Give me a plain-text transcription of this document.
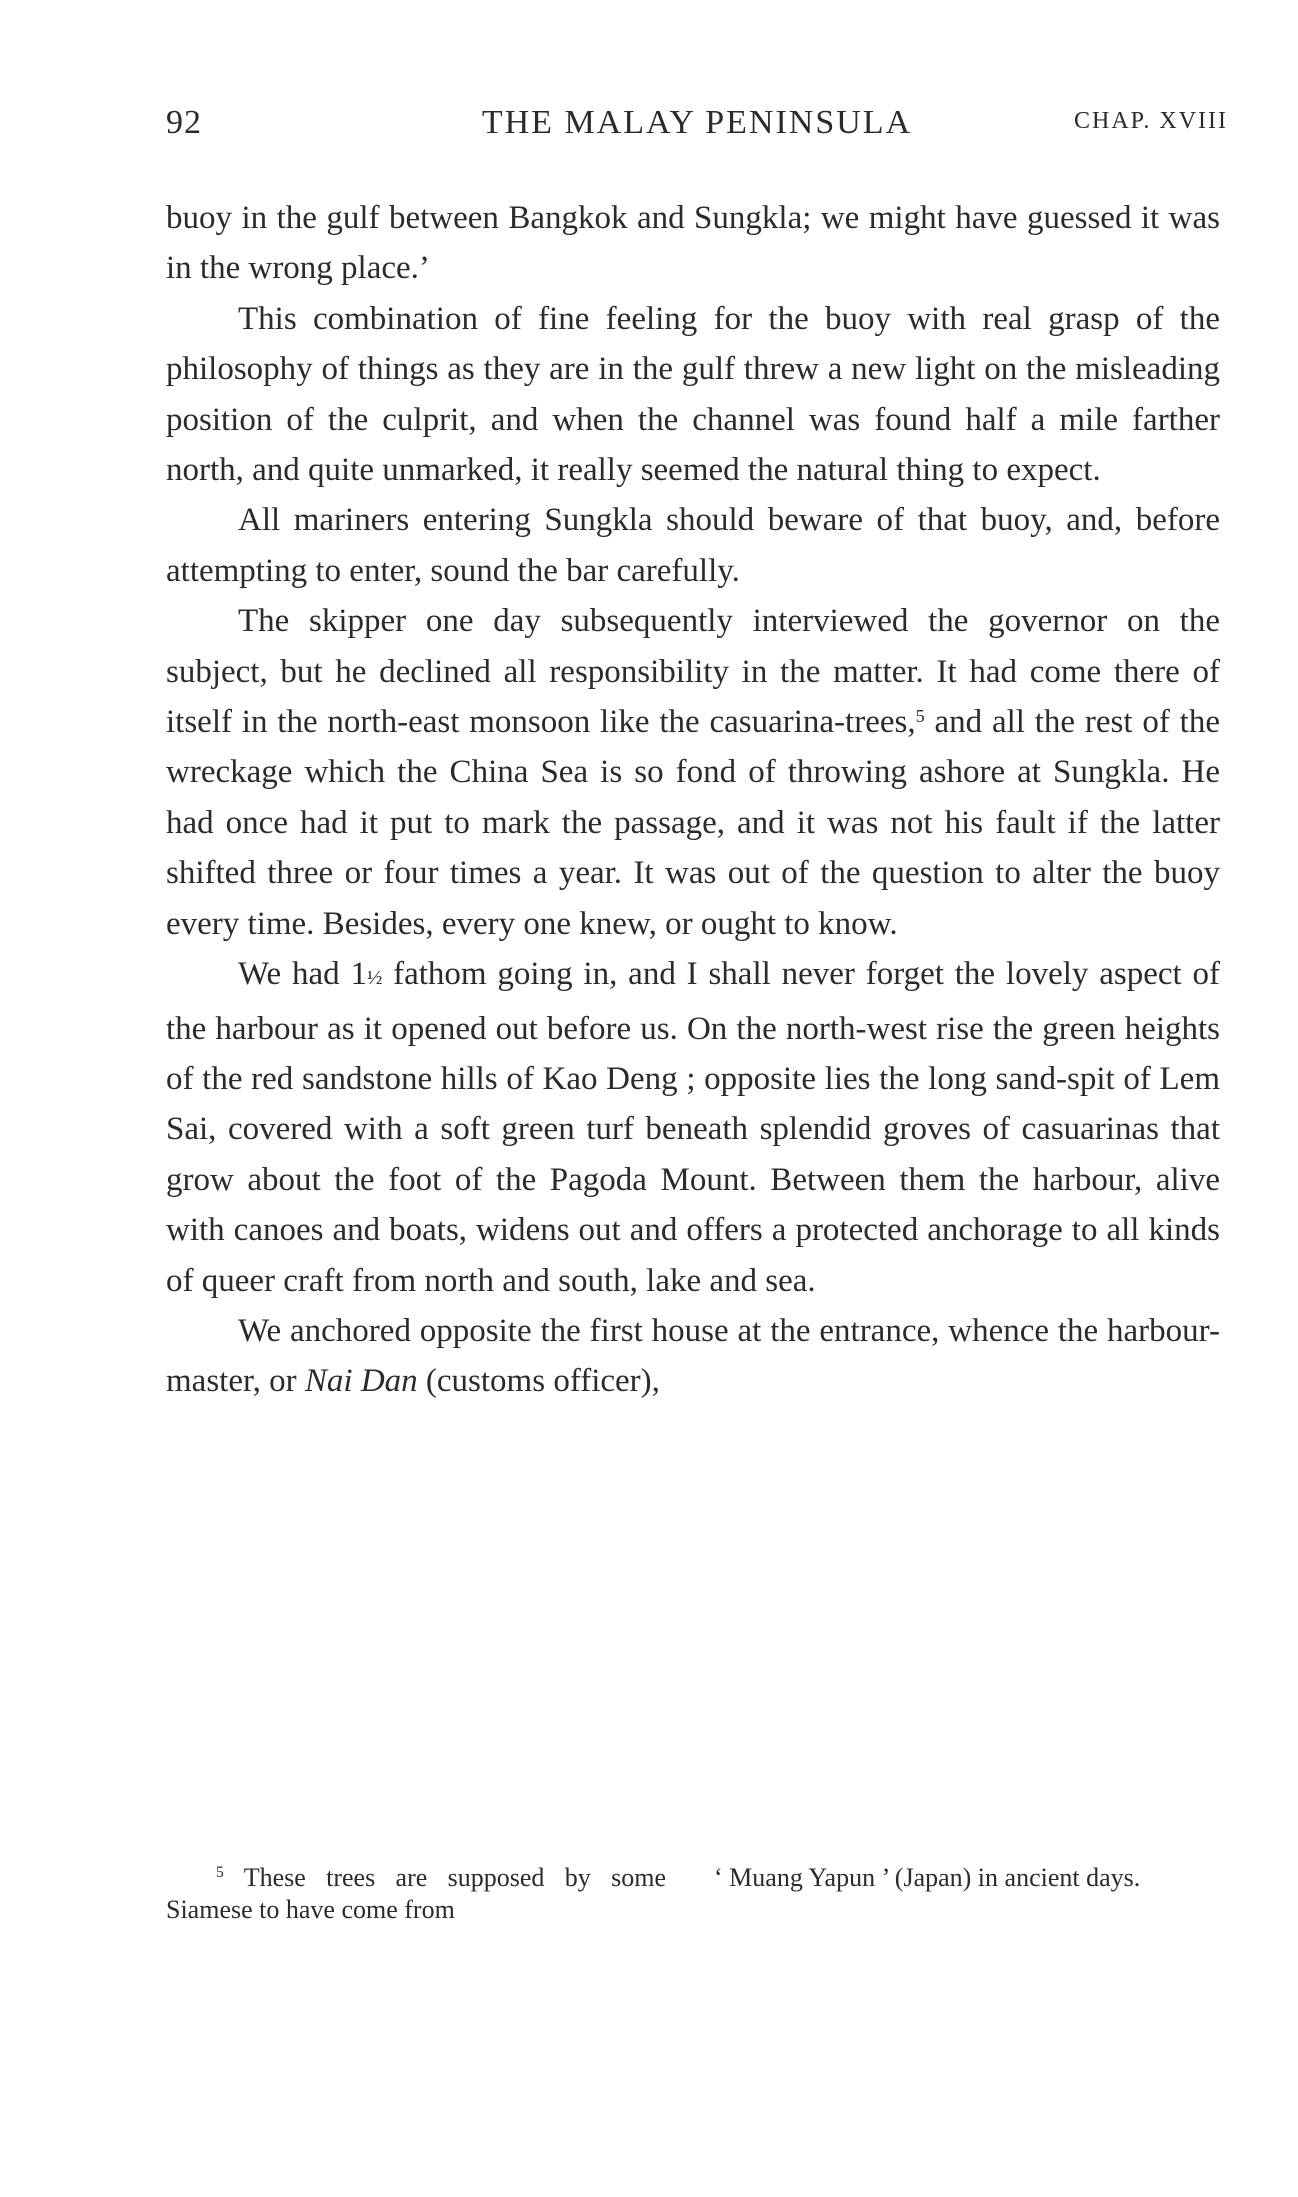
92	THE MALAY PENINSULA	CHAP. XVIII

buoy in the gulf between Bangkok and Sungkla; we might have guessed it was in the wrong place.’

This combination of fine feeling for the buoy with real grasp of the philosophy of things as they are in the gulf threw a new light on the misleading position of the culprit, and when the channel was found half a mile farther north, and quite unmarked, it really seemed the natural thing to expect.

All mariners entering Sungkla should beware of that buoy, and, before attempting to enter, sound the bar carefully.

The skipper one day subsequently interviewed the governor on the subject, but he declined all responsibility in the matter. It had come there of itself in the north-east monsoon like the casuarina-trees,$^5$ and all the rest of the wreckage which the China Sea is so fond of throwing ashore at Sungkla. He had once had it put to mark the passage, and it was not his fault if the latter shifted three or four times a year. It was out of the question to alter the buoy every time. Besides, every one knew, or ought to know.

We had 1½ fathom going in, and I shall never forget the lovely aspect of the harbour as it opened out before us. On the north-west rise the green heights of the red sandstone hills of Kao Deng ; opposite lies the long sand-spit of Lem Sai, covered with a soft green turf beneath splendid groves of casuarinas that grow about the foot of the Pagoda Mount. Between them the harbour, alive with canoes and boats, widens out and offers a protected anchorage to all kinds of queer craft from north and south, lake and sea.

We anchored opposite the first house at the entrance, whence the harbour-master, or Nai Dan (customs officer),

$^5$ These trees are supposed by some Siamese to have come from
‘ Muang Yapun ’ (Japan) in ancient days.
